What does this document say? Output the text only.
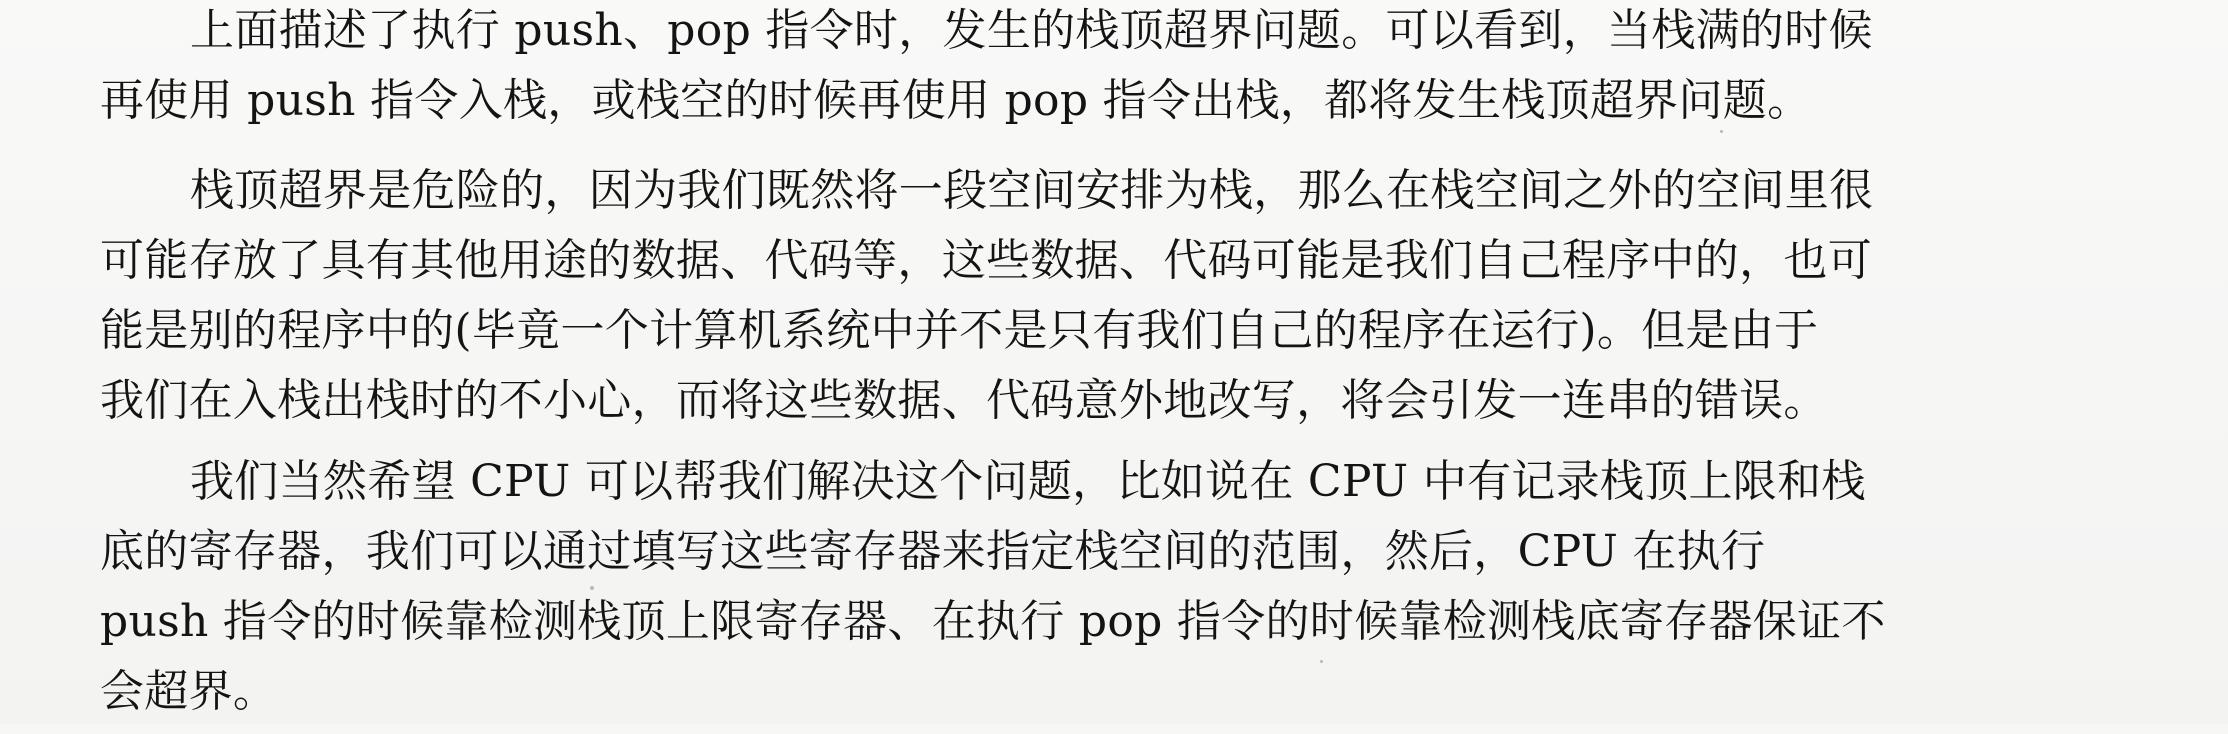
上面描述了执行 push、pop 指令时，发生的栈顶超界问题。可以看到，当栈满的时候
再使用 push 指令入栈，或栈空的时候再使用 pop 指令出栈，都将发生栈顶超界问题。
栈顶超界是危险的，因为我们既然将一段空间安排为栈，那么在栈空间之外的空间里很
可能存放了具有其他用途的数据、代码等，这些数据、代码可能是我们自己程序中的，也可
能是别的程序中的(毕竟一个计算机系统中并不是只有我们自己的程序在运行)。但是由于
我们在入栈出栈时的不小心，而将这些数据、代码意外地改写，将会引发一连串的错误。
我们当然希望 CPU 可以帮我们解决这个问题，比如说在 CPU 中有记录栈顶上限和栈
底的寄存器，我们可以通过填写这些寄存器来指定栈空间的范围，然后，CPU 在执行
push 指令的时候靠检测栈顶上限寄存器、在执行 pop 指令的时候靠检测栈底寄存器保证不
会超界。
